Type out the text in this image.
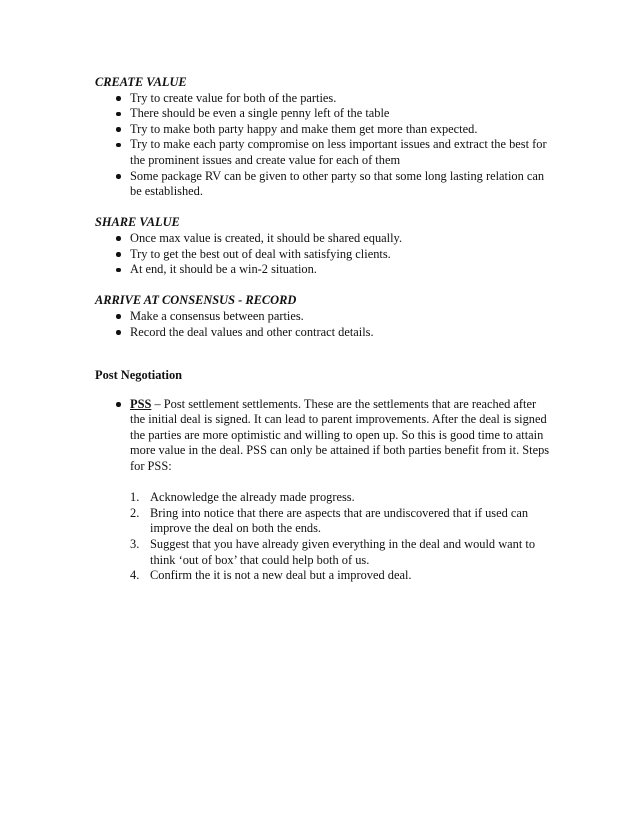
CREATE VALUE

Try to create value for both of the parties.
There should be even a single penny left of the table
Try to make both party happy and make them get more than expected.
Try to make each party compromise on less important issues and extract the best for the prominent issues and create value for each of them
Some package RV can be given to other party so that some long lasting relation can be established.

SHARE VALUE

Once max value is created, it should be shared equally.
Try to get the best out of deal with satisfying clients.
At end, it should be a win-2 situation.

ARRIVE AT CONSENSUS - RECORD

Make a consensus between parties.
Record the deal values and other contract details.

Post Negotiation

PSS – Post settlement settlements. These are the settlements that are reached after the initial deal is signed. It can lead to parent improvements. After the deal is signed the parties are more optimistic and willing to open up. So this is good time to attain more value in the deal. PSS can only be attained if both parties benefit from it. Steps for PSS:
1. Acknowledge the already made progress.
2. Bring into notice that there are aspects that are undiscovered that if used can improve the deal on both the ends.
3. Suggest that you have already given everything in the deal and would want to think ‘out of box’ that could help both of us.
4. Confirm the it is not a new deal but a improved deal.
